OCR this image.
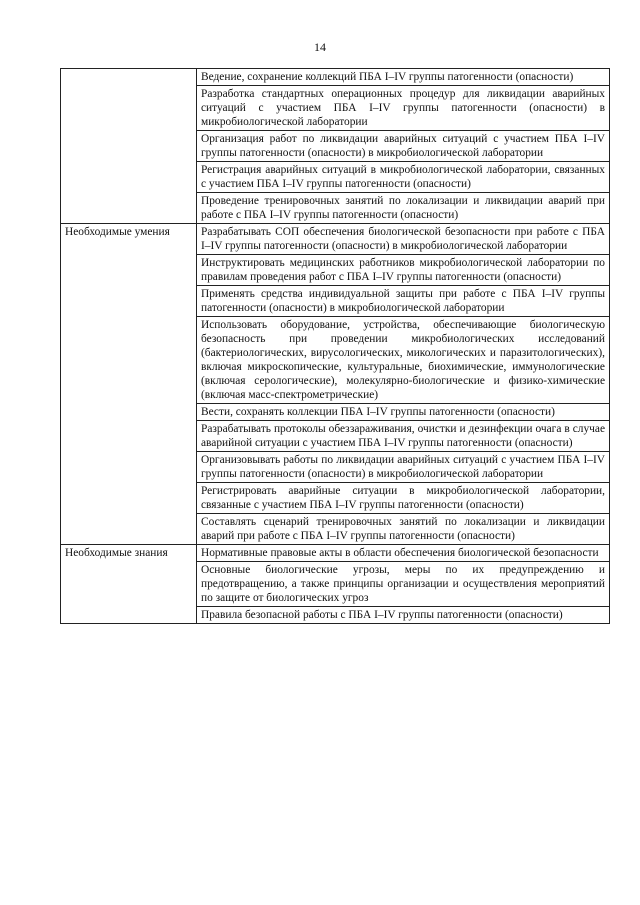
14
	Ведение, сохранение коллекций ПБА I–IV группы патогенности (опасности)
	Разработка стандартных операционных процедур для ликвидации аварийных ситуаций с участием ПБА I–IV группы патогенности (опасности) в микробиологической лаборатории
	Организация работ по ликвидации аварийных ситуаций с участием ПБА I–IV группы патогенности (опасности) в микробиологической лаборатории
	Регистрация аварийных ситуаций в микробиологической лаборатории, связанных с участием ПБА I–IV группы патогенности (опасности)
	Проведение тренировочных занятий по локализации и ликвидации аварий при работе с ПБА I–IV группы патогенности (опасности)
Необходимые умения	Разрабатывать СОП обеспечения биологической безопасности при работе с ПБА I–IV группы патогенности (опасности) в микробиологической лаборатории
	Инструктировать медицинских работников микробиологической лаборатории по правилам проведения работ с ПБА I–IV группы патогенности (опасности)
	Применять средства индивидуальной защиты при работе с ПБА I–IV группы патогенности (опасности) в микробиологической лаборатории
	Использовать оборудование, устройства, обеспечивающие биологическую безопасность при проведении микробиологических исследований (бактериологических, вирусологических, микологических и паразитологических), включая микроскопические, культуральные, биохимические, иммунологические (включая серологические), молекулярно-биологические и физико-химические (включая масс-спектрометрические)
	Вести, сохранять коллекции ПБА I–IV группы патогенности (опасности)
	Разрабатывать протоколы обеззараживания, очистки и дезинфекции очага в случае аварийной ситуации с участием ПБА I–IV группы патогенности (опасности)
	Организовывать работы по ликвидации аварийных ситуаций с участием ПБА I–IV группы патогенности (опасности) в микробиологической лаборатории
	Регистрировать аварийные ситуации в микробиологической лаборатории, связанные с участием ПБА I–IV группы патогенности (опасности)
	Составлять сценарий тренировочных занятий по локализации и ликвидации аварий при работе с ПБА I–IV группы патогенности (опасности)
Необходимые знания	Нормативные правовые акты в области обеспечения биологической безопасности
	Основные биологические угрозы, меры по их предупреждению и предотвращению, а также принципы организации и осуществления мероприятий по защите от биологических угроз
	Правила безопасной работы с ПБА I–IV группы патогенности (опасности)
